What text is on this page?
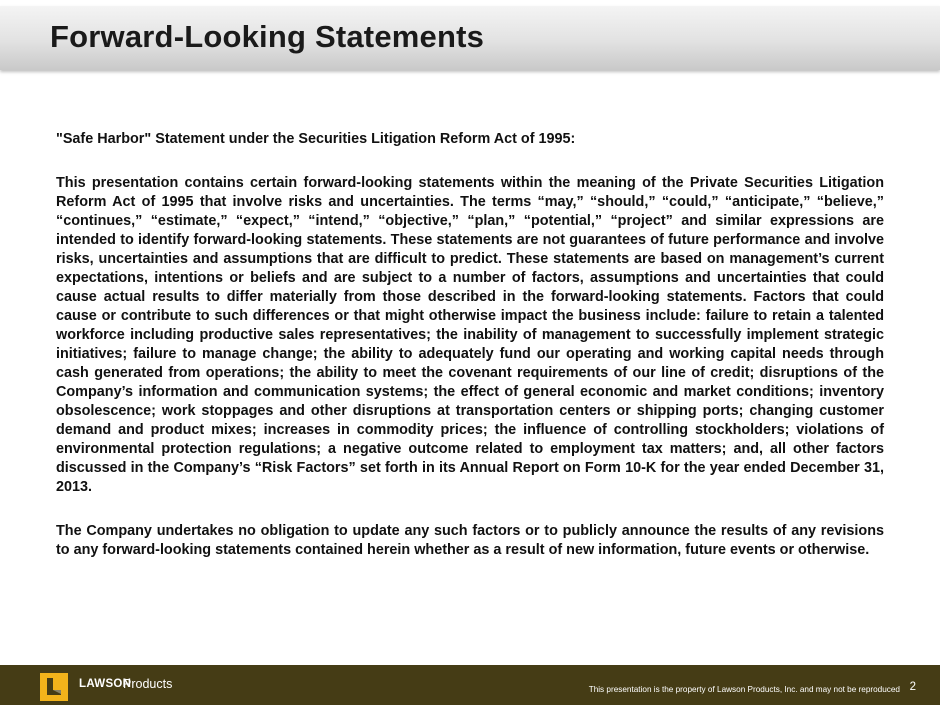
Forward-Looking Statements

"Safe Harbor" Statement under the Securities Litigation Reform Act of 1995:

This presentation contains certain forward-looking statements within the meaning of the Private Securities Litigation Reform Act of 1995 that involve risks and uncertainties. The terms “may,” “should,” “could,” “anticipate,” “believe,” “continues,” “estimate,” “expect,” “intend,” “objective,” “plan,” “potential,” “project” and similar expressions are intended to identify forward-looking statements. These statements are not guarantees of future performance and involve risks, uncertainties and assumptions that are difficult to predict. These statements are based on management’s current expectations, intentions or beliefs and are subject to a number of factors, assumptions and uncertainties that could cause actual results to differ materially from those described in the forward-looking statements. Factors that could cause or contribute to such differences or that might otherwise impact the business include: failure to retain a talented workforce including productive sales representatives; the inability of management to successfully implement strategic initiatives; failure to manage change; the ability to adequately fund our operating and working capital needs through cash generated from operations; the ability to meet the covenant requirements of our line of credit; disruptions of the Company’s information and communication systems; the effect of general economic and market conditions; inventory obsolescence; work stoppages and other disruptions at transportation centers or shipping ports; changing customer demand and product mixes; increases in commodity prices; the influence of controlling stockholders; violations of environmental protection regulations; a negative outcome related to employment tax matters; and, all other factors discussed in the Company’s “Risk Factors” set forth in its Annual Report on Form 10-K for the year ended December 31, 2013.

The Company undertakes no obligation to update any such factors or to publicly announce the results of any revisions to any forward-looking statements contained herein whether as a result of new information, future events or otherwise.

LAWSON
Products	This presentation is the property of Lawson Products, Inc. and may not be reproduced 2
